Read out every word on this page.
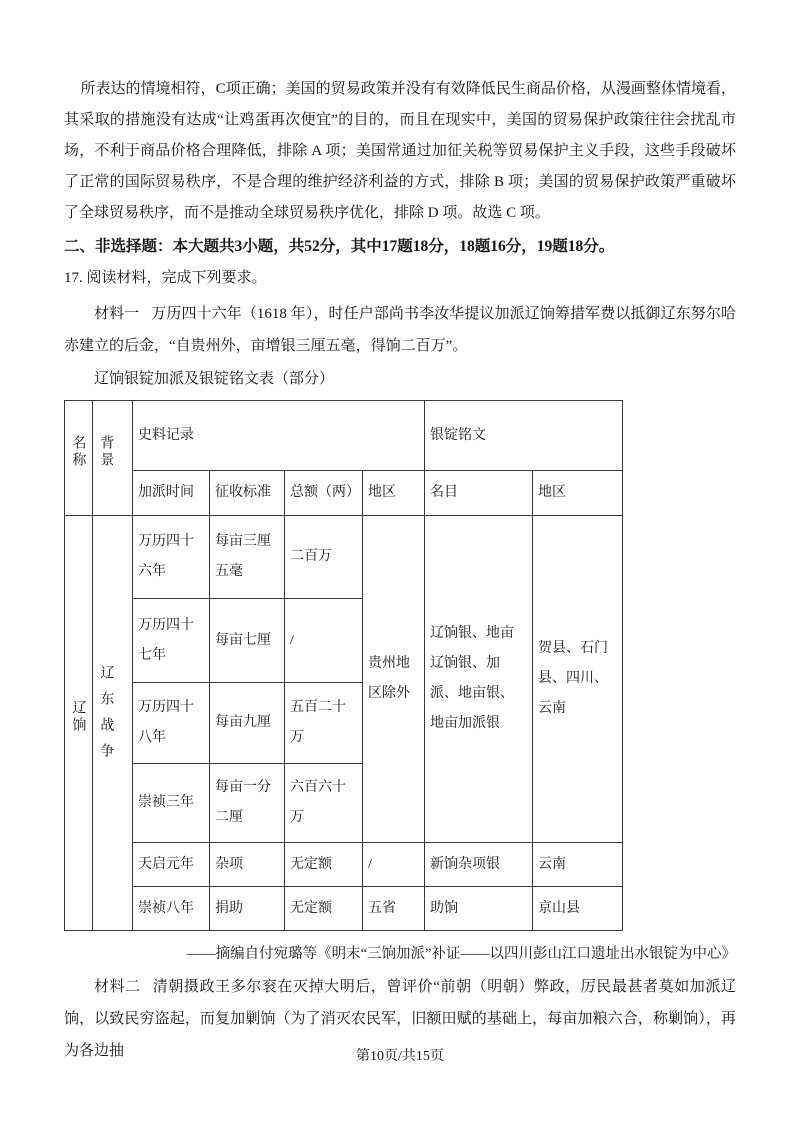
所表达的情境相符，C项正确；美国的贸易政策并没有有效降低民生商品价格，从漫画整体情境看，其采取的措施没有达成“让鸡蛋再次便宜”的目的，而且在现实中，美国的贸易保护政策往往会扰乱市场，不利于商品价格合理降低，排除 A 项；美国常通过加征关税等贸易保护主义手段，这些手段破坏了正常的国际贸易秩序，不是合理的维护经济利益的方式，排除 B 项；美国的贸易保护政策严重破坏了全球贸易秩序，而不是推动全球贸易秩序优化，排除 D 项。故选 C 项。

二、非选择题：本大题共3小题，共52分，其中17题18分，18题16分，19题18分。

17. 阅读材料，完成下列要求。

材料一 万历四十六年（1618 年），时任户部尚书李汝华提议加派辽饷筹措军费以抵御辽东努尔哈赤建立的后金，“自贵州外，亩增银三厘五毫，得饷二百万”。

辽饷银锭加派及银锭铭文表（部分）

名称	背景	史料记录				银锭铭文	
		加派时间	征收标准	总额（两）	地区	名目	地区
辽饷	辽东战争	万历四十六年	每亩三厘五毫	二百万	贵州地区除外	辽饷银、地亩辽饷银、加派、地亩银、地亩加派银	贺县、石门县、四川、云南
		万历四十七年	每亩七厘	/			
		万历四十八年	每亩九厘	五百二十万			
		崇祯三年	每亩一分二厘	六百六十万			
		天启元年	杂项	无定额	/	新饷杂项银	云南
		崇祯八年	捐助	无定额	五省	助饷	京山县

——摘编自付宛璐等《明末“三饷加派”补证——以四川彭山江口遗址出水银锭为中心》

材料二 清朝摄政王多尔衮在灭掉大明后，曾评价“前朝（明朝）弊政，厉民最甚者莫如加派辽饷，以致民穷盗起，而复加剿饷（为了消灭农民军，旧额田赋的基础上，每亩加粮六合，称剿饷），再为各边抽	第10页/共15页
